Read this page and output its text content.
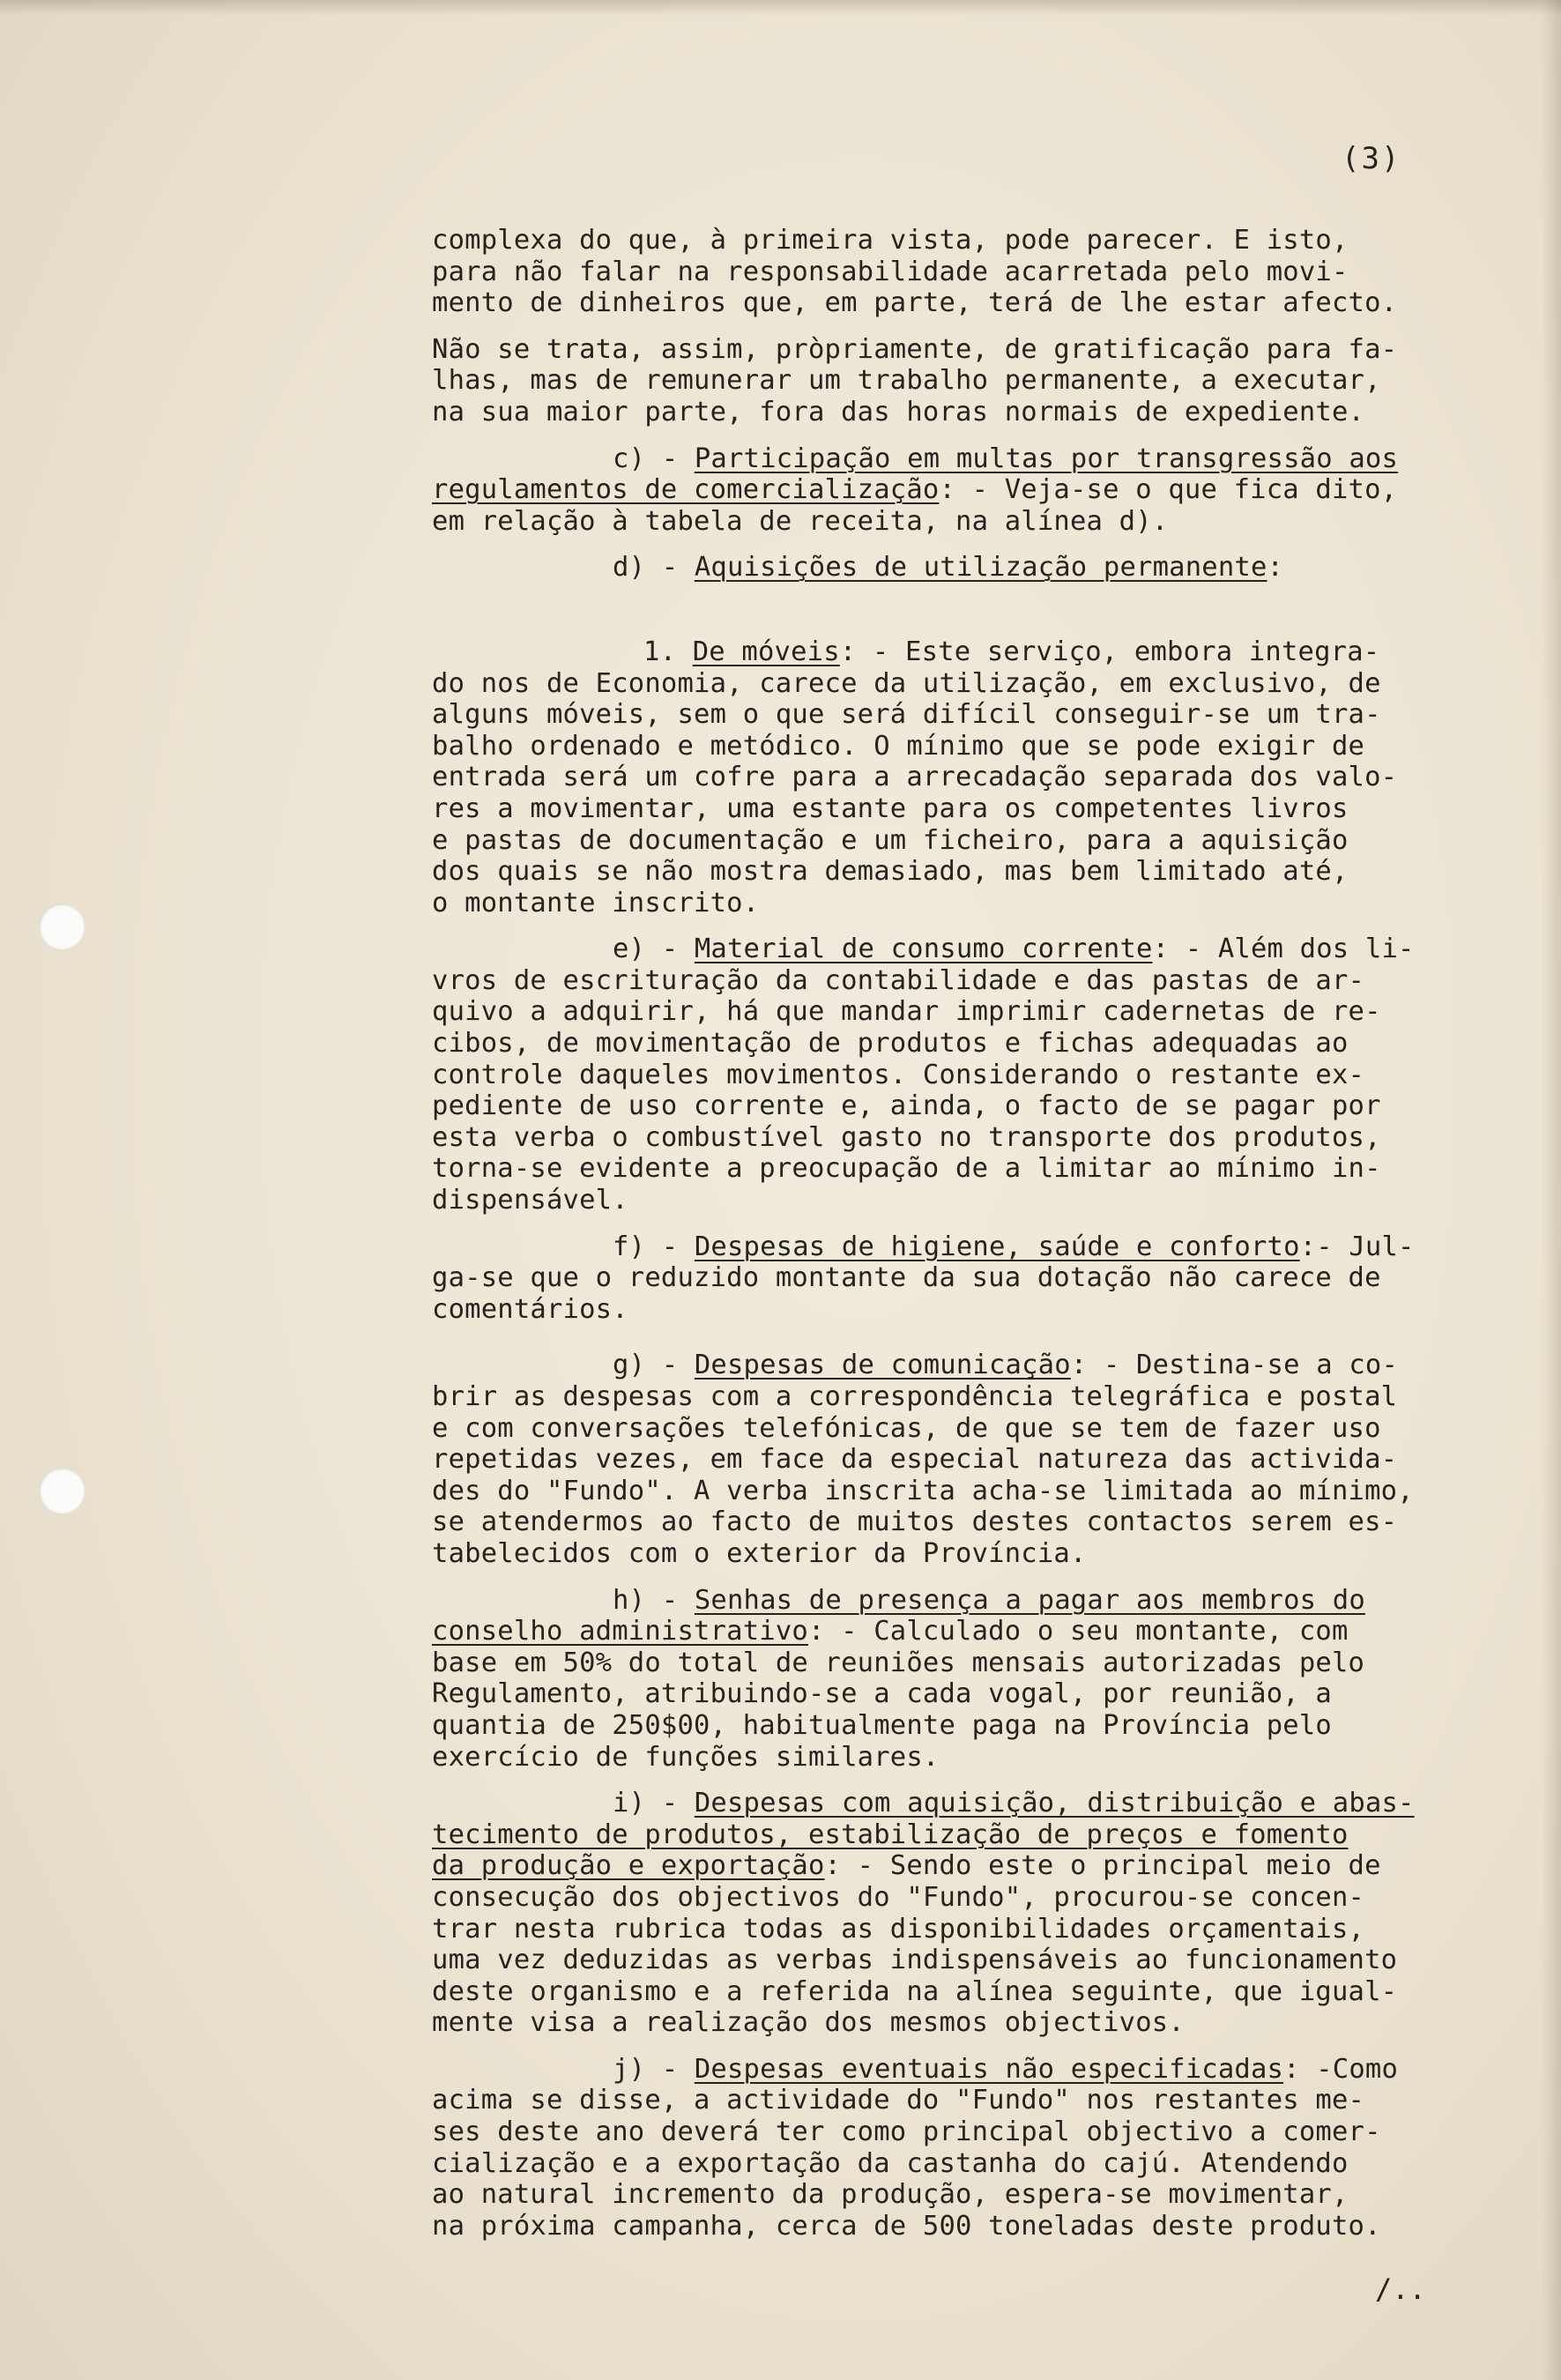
(3)
complexa do que, à primeira vista, pode parecer. E isto,
para não falar na responsabilidade acarretada pelo movi-
mento de dinheiros que, em parte, terá de lhe estar afecto.
Não se trata, assim, pròpriamente, de gratificação para fa-
lhas, mas de remunerar um trabalho permanente, a executar,
na sua maior parte, fora das horas normais de expediente.
c) - Participação em multas por transgressão aos
regulamentos de comercialização: - Veja-se o que fica dito,
em relação à tabela de receita, na alínea d).
d) - Aquisições de utilização permanente:
1. De móveis: - Este serviço, embora integra-
do nos de Economia, carece da utilização, em exclusivo, de
alguns móveis, sem o que será difícil conseguir-se um tra-
balho ordenado e metódico. O mínimo que se pode exigir de
entrada será um cofre para a arrecadação separada dos valo-
res a movimentar, uma estante para os competentes livros
e pastas de documentação e um ficheiro, para a aquisição
dos quais se não mostra demasiado, mas bem limitado até,
o montante inscrito.
e) - Material de consumo corrente: - Além dos li-
vros de escrituração da contabilidade e das pastas de ar-
quivo a adquirir, há que mandar imprimir cadernetas de re-
cibos, de movimentação de produtos e fichas adequadas ao
controle daqueles movimentos. Considerando o restante ex-
pediente de uso corrente e, ainda, o facto de se pagar por
esta verba o combustível gasto no transporte dos produtos,
torna-se evidente a preocupação de a limitar ao mínimo in-
dispensável.
f) - Despesas de higiene, saúde e conforto:- Jul-
ga-se que o reduzido montante da sua dotação não carece de
comentários.
g) - Despesas de comunicação: - Destina-se a co-
brir as despesas com a correspondência telegráfica e postal
e com conversações telefónicas, de que se tem de fazer uso
repetidas vezes, em face da especial natureza das activida-
des do "Fundo". A verba inscrita acha-se limitada ao mínimo,
se atendermos ao facto de muitos destes contactos serem es-
tabelecidos com o exterior da Província.
h) - Senhas de presença a pagar aos membros do
conselho administrativo: - Calculado o seu montante, com
base em 50% do total de reuniões mensais autorizadas pelo
Regulamento, atribuindo-se a cada vogal, por reunião, a
quantia de 250$00, habitualmente paga na Província pelo
exercício de funções similares.
i) - Despesas com aquisição, distribuição e abas-
tecimento de produtos, estabilização de preços e fomento
da produção e exportação: - Sendo este o principal meio de
consecução dos objectivos do "Fundo", procurou-se concen-
trar nesta rubrica todas as disponibilidades orçamentais,
uma vez deduzidas as verbas indispensáveis ao funcionamento
deste organismo e a referida na alínea seguinte, que igual-
mente visa a realização dos mesmos objectivos.
j) - Despesas eventuais não especificadas: -Como
acima se disse, a actividade do "Fundo" nos restantes me-
ses deste ano deverá ter como principal objectivo a comer-
cialização e a exportação da castanha do cajú. Atendendo
ao natural incremento da produção, espera-se movimentar,
na próxima campanha, cerca de 500 toneladas deste produto.
/..
